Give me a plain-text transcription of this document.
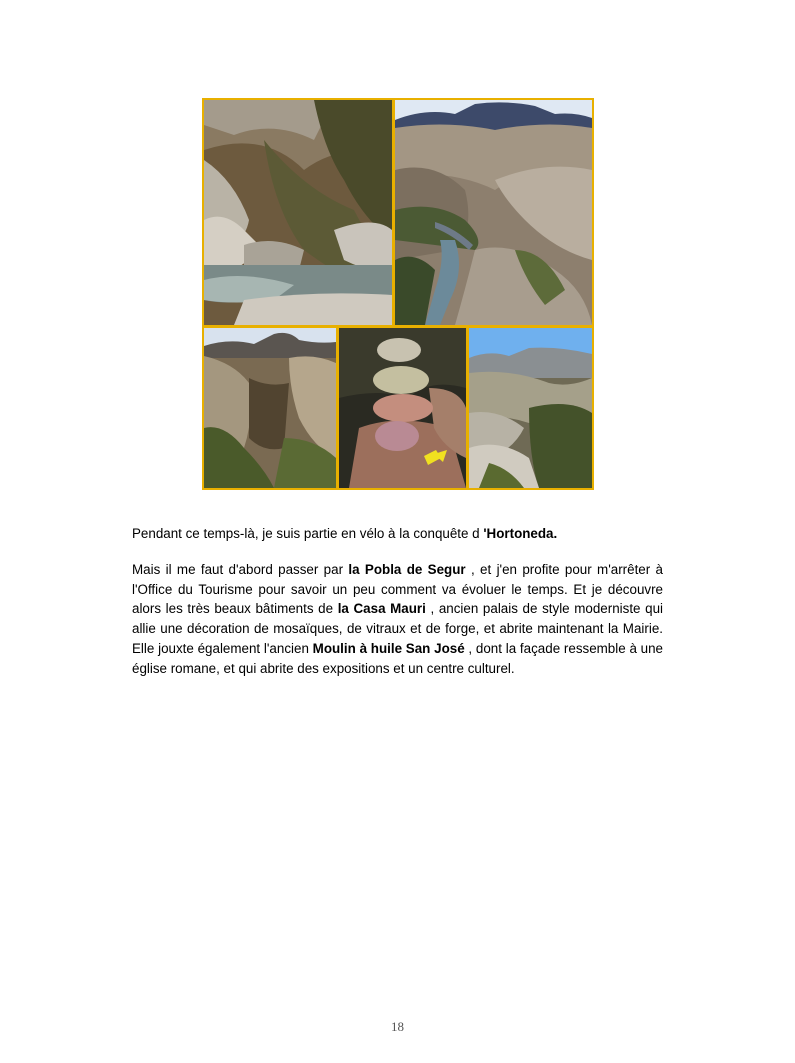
Pendant ce temps-là, je suis partie en vélo à la conquête d 'Hortoneda.
Mais il me faut d'abord passer par la Pobla de Segur , et j'en profite pour m'arrêter à l'Office du Tourisme pour savoir un peu comment va évoluer le temps. Et je découvre alors les très beaux bâtiments de la Casa Mauri , ancien palais de style moderniste qui allie une décoration de mosaïques, de vitraux et de forge, et abrite maintenant la Mairie. Elle jouxte également l'ancien Moulin à huile San José , dont la façade ressemble à une église romane, et qui abrite des expositions et un centre culturel.
18
